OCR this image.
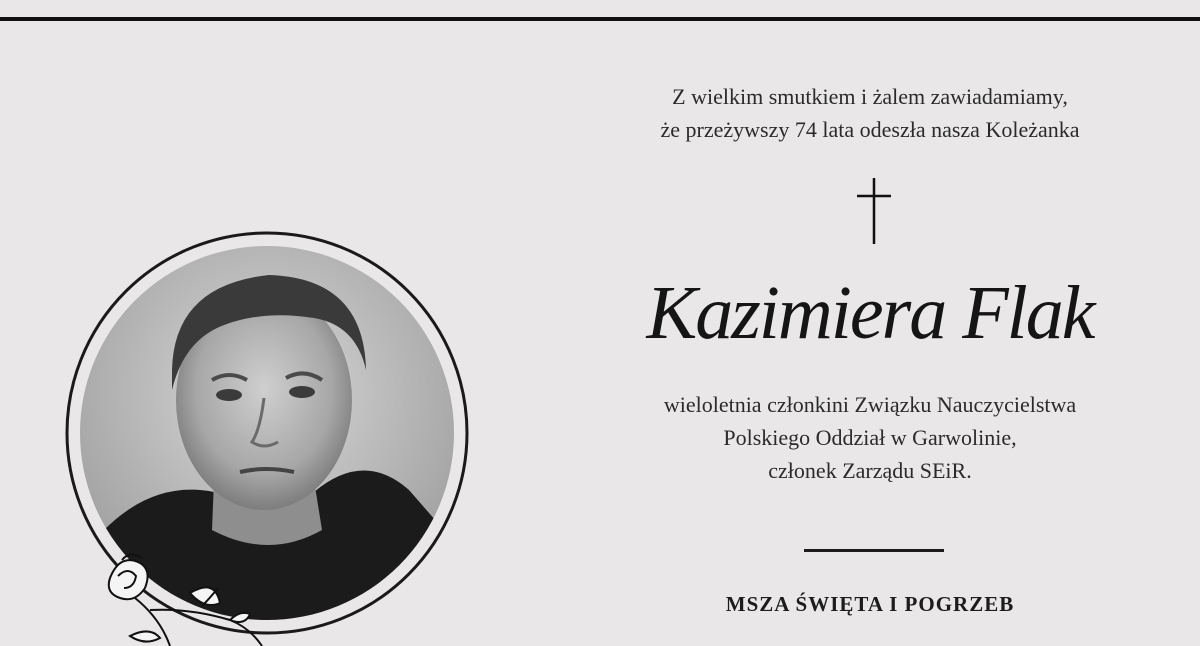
Z wielkim smutkiem i żalem zawiadamiamy,
że przeżywszy 74 lata odeszła nasza Koleżanka
Kazimiera Flak
wieloletnia członkini Związku Nauczycielstwa
Polskiego Oddział w Garwolinie,
członek Zarządu SEiR.
MSZA ŚWIĘTA I POGRZEB
